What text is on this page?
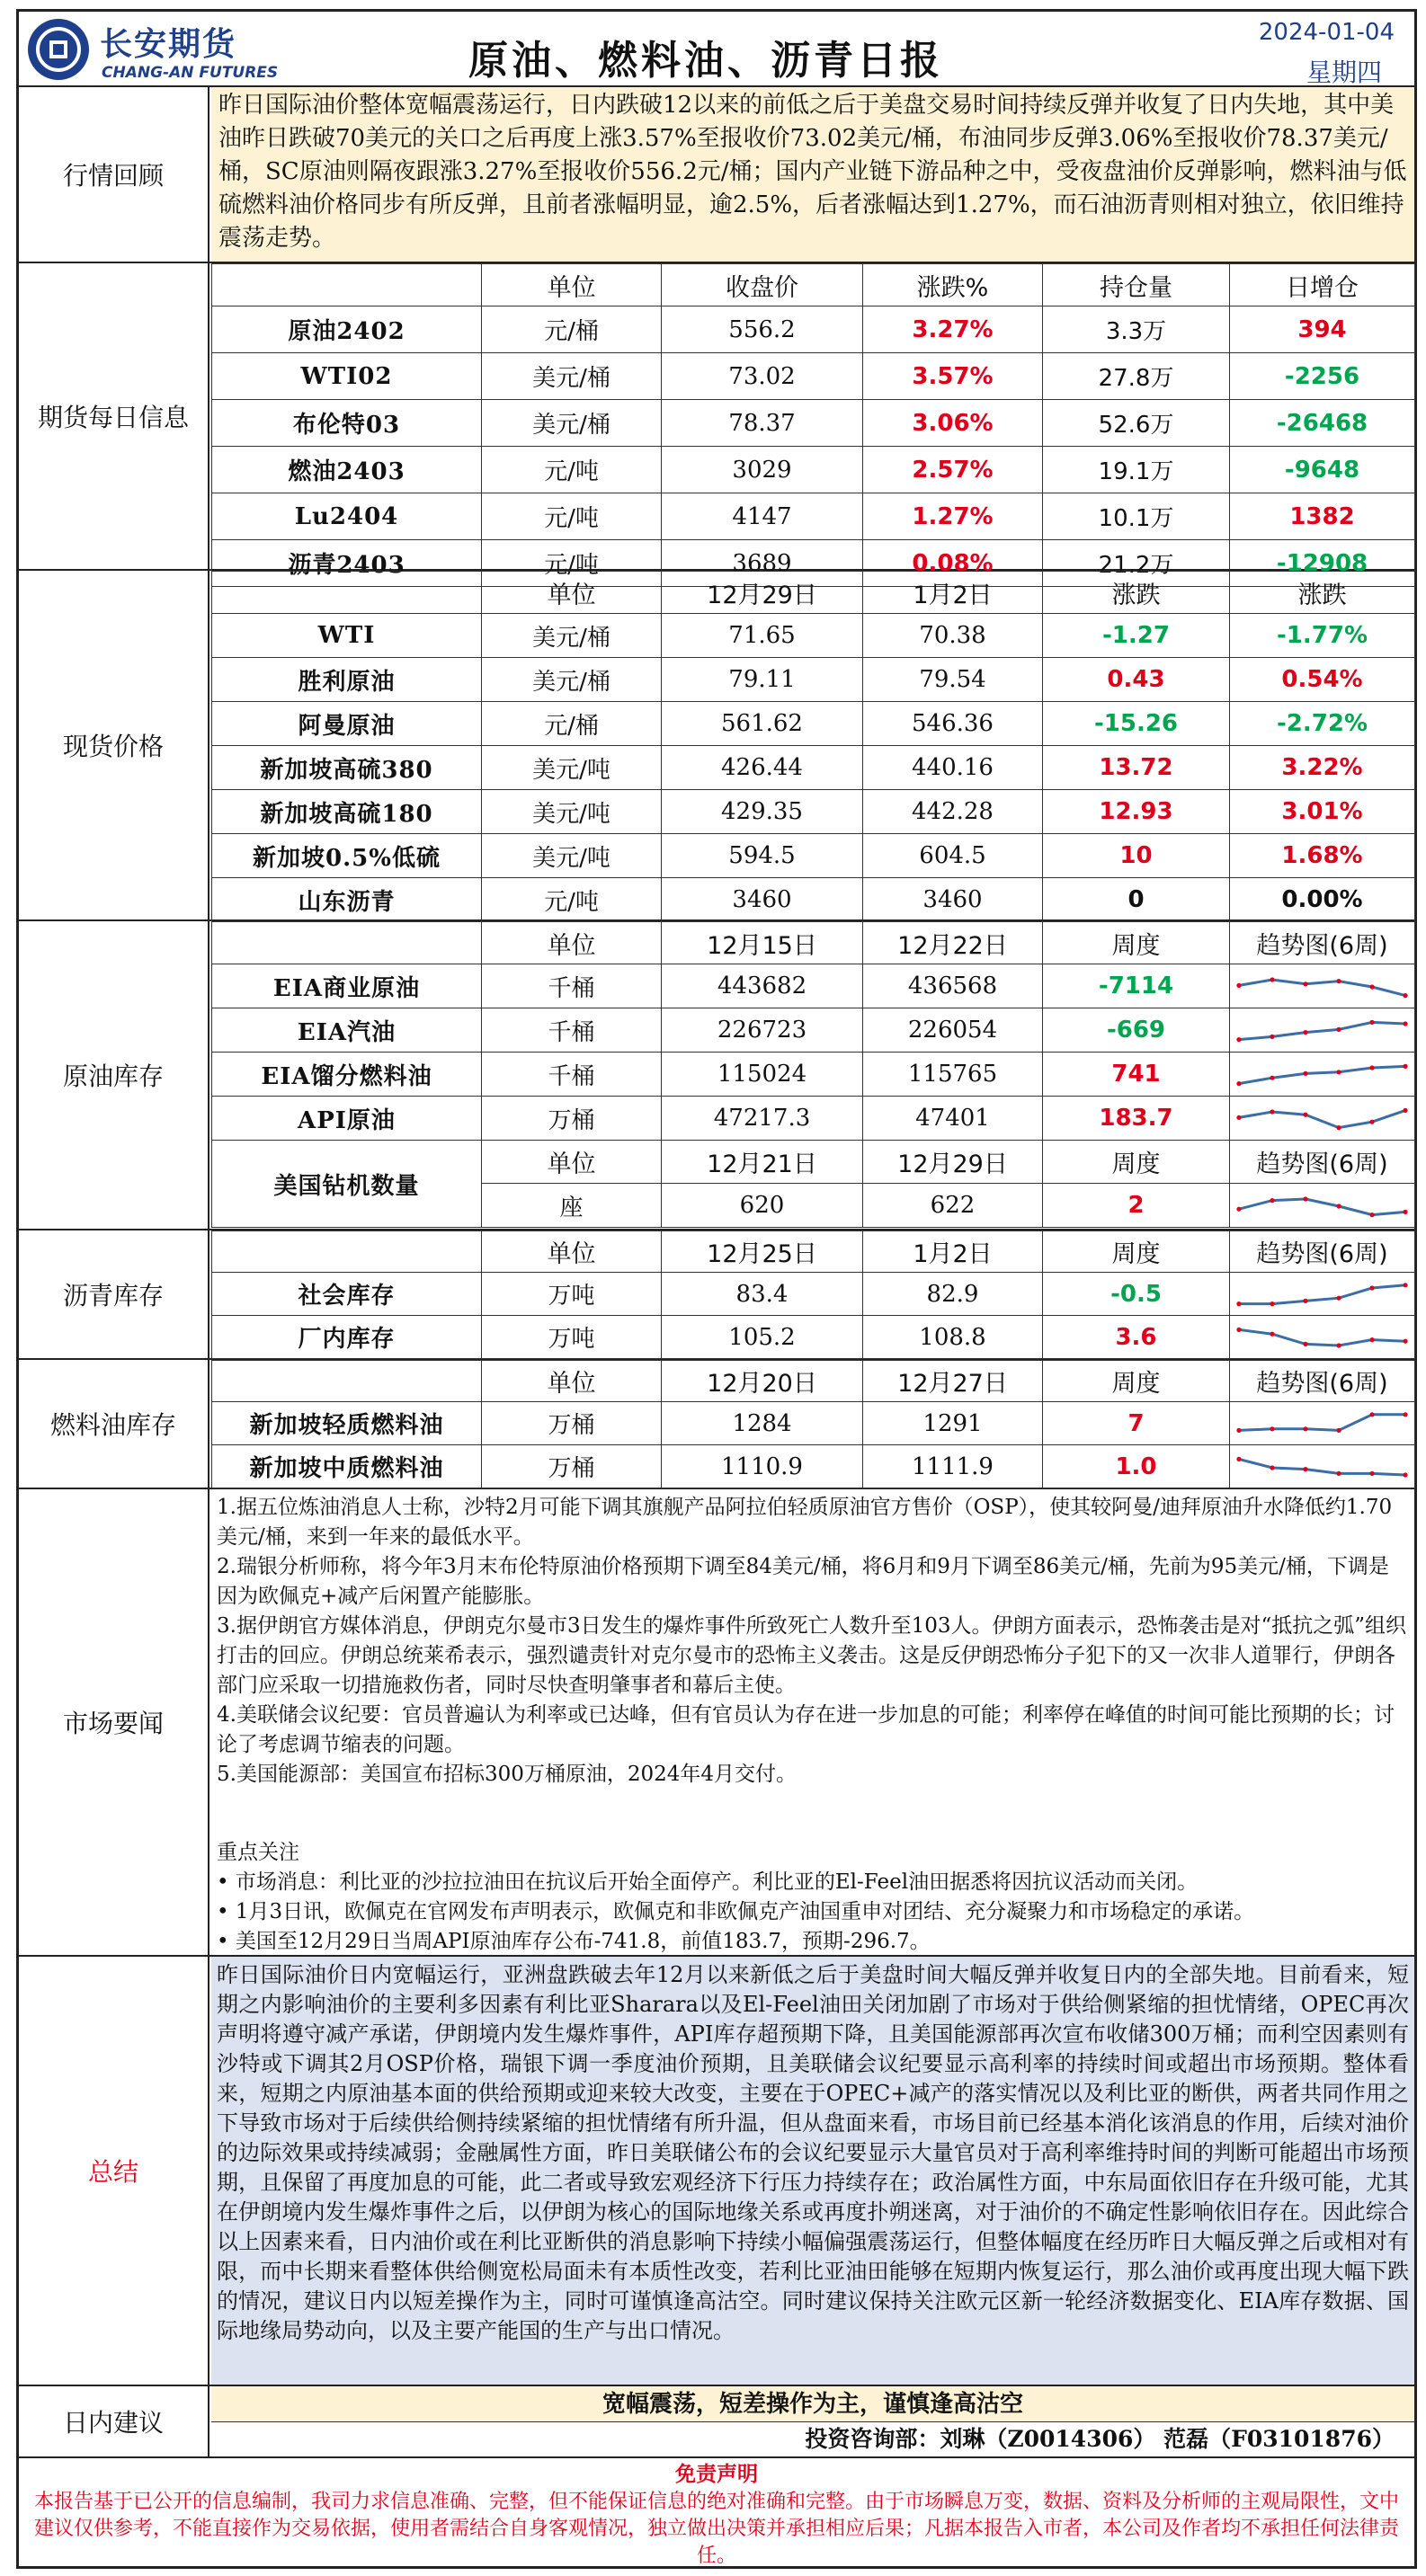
长安期货
CHANG-AN FUTURES	原油、燃料油、沥青日报
2024-01-04
星期四
行情回顾
昨日国际油价整体宽幅震荡运行，日内跌破12以来的前低之后于美盘交易时间持续反弹并收复了日内失地，其中美油昨日跌破70美元的关口之后再度上涨3.57%至报收价73.02美元/桶，布油同步反弹3.06%至报收价78.37美元/桶，SC原油则隔夜跟涨3.27%至报收价556.2元/桶；国内产业链下游品种之中，受夜盘油价反弹影响，燃料油与低硫燃料油价格同步有所反弹，且前者涨幅明显，逾2.5%，后者涨幅达到1.27%，而石油沥青则相对独立，依旧维持震荡走势。
期货每日信息
	单位	收盘价	涨跌%	持仓量	日增仓
原油2402	元/桶	556.2	3.27%	3.3万	394
WTI02	美元/桶	73.02	3.57%	27.8万	-2256
布伦特03	美元/桶	78.37	3.06%	52.6万	-26468
燃油2403	元/吨	3029	2.57%	19.1万	-9648
Lu2404	元/吨	4147	1.27%	10.1万	1382
沥青2403	元/吨	3689	0.08%	21.2万	-12908
现货价格
	单位	12月29日	1月2日	涨跌	涨跌
WTI	美元/桶	71.65	70.38	-1.27	-1.77%
胜利原油	美元/桶	79.11	79.54	0.43	0.54%
阿曼原油	元/桶	561.62	546.36	-15.26	-2.72%
新加坡高硫380	美元/吨	426.44	440.16	13.72	3.22%
新加坡高硫180	美元/吨	429.35	442.28	12.93	3.01%
新加坡0.5%低硫	美元/吨	594.5	604.5	10	1.68%
山东沥青	元/吨	3460	3460	0	0.00%
原油库存
	单位	12月15日	12月22日	周度	趋势图(6周)
EIA商业原油	千桶	443682	436568	-7114	

EIA汽油	千桶	226723	226054	-669	

EIA馏分燃料油	千桶	115024	115765	741	

API原油	万桶	47217.3	47401	183.7	

美国钻机数量	单位	12月21日	12月29日	周度	趋势图(6周)
	座	620	622	2	
沥青库存
	单位	12月25日	1月2日	周度	趋势图(6周)
社会库存	万吨	83.4	82.9	-0.5	

厂内库存	万吨	105.2	108.8	3.6	
燃料油库存
	单位	12月20日	12月27日	周度	趋势图(6周)
新加坡轻质燃料油	万桶	1284	1291	7	

新加坡中质燃料油	万桶	1110.9	1111.9	1.0	
市场要闻
1.据五位炼油消息人士称，沙特2月可能下调其旗舰产品阿拉伯轻质原油官方售价（OSP），使其较阿曼/迪拜原油升水降低约1.70美元/桶，来到一年来的最低水平。
2.瑞银分析师称，将今年3月末布伦特原油价格预期下调至84美元/桶，将6月和9月下调至86美元/桶，先前为95美元/桶，下调是因为欧佩克+减产后闲置产能膨胀。
3.据伊朗官方媒体消息，伊朗克尔曼市3日发生的爆炸事件所致死亡人数升至103人。伊朗方面表示，恐怖袭击是对“抵抗之弧”组织打击的回应。伊朗总统莱希表示，强烈谴责针对克尔曼市的恐怖主义袭击。这是反伊朗恐怖分子犯下的又一次非人道罪行，伊朗各部门应采取一切措施救伤者，同时尽快查明肇事者和幕后主使。
4.美联储会议纪要：官员普遍认为利率或已达峰，但有官员认为存在进一步加息的可能；利率停在峰值的时间可能比预期的长；讨论了考虑调节缩表的问题。
5.美国能源部：美国宣布招标300万桶原油，2024年4月交付。
重点关注
• 市场消息：利比亚的沙拉拉油田在抗议后开始全面停产。利比亚的El-Feel油田据悉将因抗议活动而关闭。
• 1月3日讯，欧佩克在官网发布声明表示，欧佩克和非欧佩克产油国重申对团结、充分凝聚力和市场稳定的承诺。
• 美国至12月29日当周API原油库存公布-741.8，前值183.7，预期-296.7。
总结
昨日国际油价日内宽幅运行，亚洲盘跌破去年12月以来新低之后于美盘时间大幅反弹并收复日内的全部失地。目前看来，短期之内影响油价的主要利多因素有利比亚Sharara以及El-Feel油田关闭加剧了市场对于供给侧紧缩的担忧情绪，OPEC再次声明将遵守减产承诺，伊朗境内发生爆炸事件，API库存超预期下降，且美国能源部再次宣布收储300万桶；而利空因素则有沙特或下调其2月OSP价格，瑞银下调一季度油价预期，且美联储会议纪要显示高利率的持续时间或超出市场预期。整体看来，短期之内原油基本面的供给预期或迎来较大改变，主要在于OPEC+减产的落实情况以及利比亚的断供，两者共同作用之下导致市场对于后续供给侧持续紧缩的担忧情绪有所升温，但从盘面来看，市场目前已经基本消化该消息的作用，后续对油价的边际效果或持续减弱；金融属性方面，昨日美联储公布的会议纪要显示大量官员对于高利率维持时间的判断可能超出市场预期，且保留了再度加息的可能，此二者或导致宏观经济下行压力持续存在；政治属性方面，中东局面依旧存在升级可能，尤其在伊朗境内发生爆炸事件之后，以伊朗为核心的国际地缘关系或再度扑朔迷离，对于油价的不确定性影响依旧存在。因此综合以上因素来看，日内油价或在利比亚断供的消息影响下持续小幅偏强震荡运行，但整体幅度在经历昨日大幅反弹之后或相对有限，而中长期来看整体供给侧宽松局面未有本质性改变，若利比亚油田能够在短期内恢复运行，那么油价或再度出现大幅下跌的情况，建议日内以短差操作为主，同时可谨慎逢高沽空。同时建议保持关注欧元区新一轮经济数据变化、EIA库存数据、国际地缘局势动向，以及主要产能国的生产与出口情况。
日内建议
宽幅震荡，短差操作为主，谨慎逢高沽空
投资咨询部：刘琳（Z0014306） 范磊（F03101876）
免责声明
本报告基于已公开的信息编制，我司力求信息准确、完整，但不能保证信息的绝对准确和完整。由于市场瞬息万变，数据、资料及分析师的主观局限性，文中建议仅供参考，不能直接作为交易依据，使用者需结合自身客观情况，独立做出决策并承担相应后果；凡据本报告入市者，本公司及作者均不承担任何法律责任。
